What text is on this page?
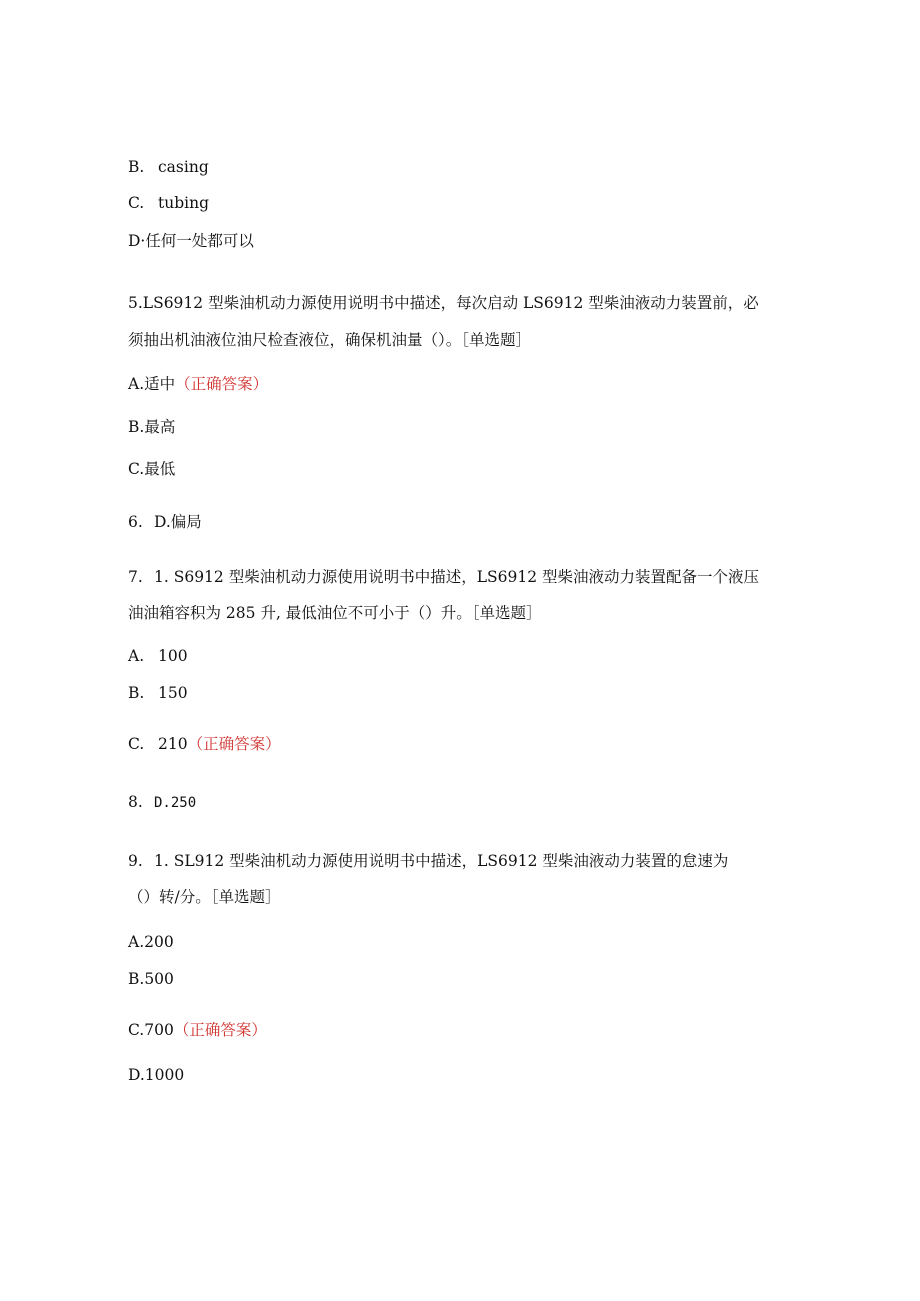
B. casing
C. tubing
D·任何一处都可以
5.LS6912 型柴油机动力源使用说明书中描述，每次启动 LS6912 型柴油液动力装置前，必
须抽出机油液位油尺检查液位，确保机油量（）。［单选题］
A.适中（正确答案）
B.最高
C.最低
6. D.偏局
7. 1. S6912 型柴油机动力源使用说明书中描述，LS6912 型柴油液动力装置配备一个液压
油油箱容积为 285 升, 最低油位不可小于（）升。［单选题］
A. 100
B. 150
C. 210（正确答案）
8. D.250
9. 1. SL912 型柴油机动力源使用说明书中描述，LS6912 型柴油液动力装置的怠速为
（）转/分。［单选题］
A.200
B.500
C.700（正确答案）
D.1000
